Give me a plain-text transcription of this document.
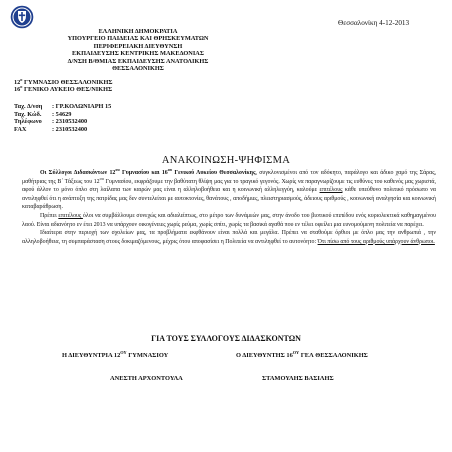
Θεσσαλονίκη 4-12-2013
ΕΛΛΗΝΙΚΗ ΔΗΜΟΚΡΑΤΙΑ
ΥΠΟΥΡΓΕΙΟ ΠΑΙΔΕΙΑΣ ΚΑΙ ΘΡΗΣΚΕΥΜΑΤΩΝ
ΠΕΡΙΦΕΡΕΙΑΚΗ ΔΙΕΥΘΥΝΣΗ
ΕΚΠΑΙΔΕΥΣΗΣ ΚΕΝΤΡΙΚΗΣ ΜΑΚΕΔΟΝΙΑΣ
Δ/ΝΣΗ Β/ΘΜΙΑΣ ΕΚΠΑΙΔΕΥΣΗΣ ΑΝΑΤΟΛΙΚΗΣ
ΘΕΣΣΑΛΟΝΙΚΗΣ
$12^o$ ΓΥΜΝΑΣΙΟ ΘΕΣΣΑΛΟΝΙΚΗΣ
$16^o$ ΓΕΝΙΚΟ ΛΥΚΕΙΟ ΘΕΣ/ΝΙΚΗΣ
Ταχ. Δ/νση : ΓΡ.ΚΟΛΩΝΙΑΡΗ 15
Ταχ. Κώδ. : 54629
Τηλέφωνο : 2310532400
FAX	: 2310532400
ΑΝΑΚΟΙΝΩΣΗ-ΨΗΦΙΣΜΑ

Οι Σύλλογοι Διδασκόντων $12^{o\upsilon}$ Γυμνασίου και $16^{o\upsilon}$ Γενικού Λυκείου Θεσσαλονίκης, συγκλονισμένοι από τον αδόκητο, παράλογο και άδικο χαμό της Σάρας, μαθήτριας της Β΄ Τάξεως του $12^{o\upsilon}$ Γυμνασίου, εκφράζουμε την βαθύτατη θλίψη μας για το τραγικό γεγονός. Χωρίς να παραγνωρίζουμε τις ευθύνες του καθενός μας χωριστά, αφού άλλον το μόνο όπλο στη λαίλαπα των καιρών μας είναι η αλληλοβοήθεια και η κοινωνική αλληλεγγύη, καλούμε επιτέλους κάθε υπεύθυνο πολιτικό πρόσωπο να αντιληφθεί ότι η ανάπτυξη της πατρίδας μας δεν συντελείται με αυτοκτονίες, θανάτους , αποδήμιες, πλειστηριασμούς, άδειους αριθμούς , κοινωνική αναλγησία και κοινωνική καταβαράθρωση.

Πρέπει επιτέλους όλοι να συμβάλλουμε συνεχώς και αδιαλείπτως, στο μέτρο των δυνάμεών μας, στην άνοδο του βιοτικού επιπέδου ενός κυριολεκτικά καθημαγμένου λαού. Είναι αδιανόητο εν έτει 2013 να υπάρχουν οικογένειες χωρίς ρεύμα, χωρίς σπίτι, χωρίς τα βασικά αγαθά που εν τέλει οφείλει μια ευνομούμενη πολιτεία να παρέχει.

Ιδιαίτερα στην περιοχή των σχολείων μας, τα προβλήματα εκφθάνουν είναι πολλά και μεγάλα. Πρέπει να σταθούμε όρθιοι με όπλο μας την ανθρωπιά , την αλληλοβοήθεια, τη συμπαράσταση στους δοκιμαζόμενους, μέχρις ότου αποφασίσει η Πολιτεία να αντιληφθεί το αυτονόητο: Ότι πίσω από τους αριθμούς υπάρχουν άνθρωποι.

ΓΙΑ ΤΟΥΣ ΣΥΛΛΟΓΟΥΣ ΔΙΔΑΣΚΟΝΤΩΝ
Η ΔΙΕΥΘΥΝΤΡΙΑ $12^{O\Upsilon}$ ΓΥΜΝΑΣΙΟΥ	Ο ΔΙΕΥΘΥΝΤΗΣ $16^{O\Upsilon}$ ΓΕΛ ΘΕΣΣΑΛΟΝΙΚΗΣ
ΑΝΕΣΤΗ ΑΡΧΟΝΤΟΥΛΑ	ΣΤΑΜΟΥΛΗΣ ΒΑΣΙΛΗΣ
